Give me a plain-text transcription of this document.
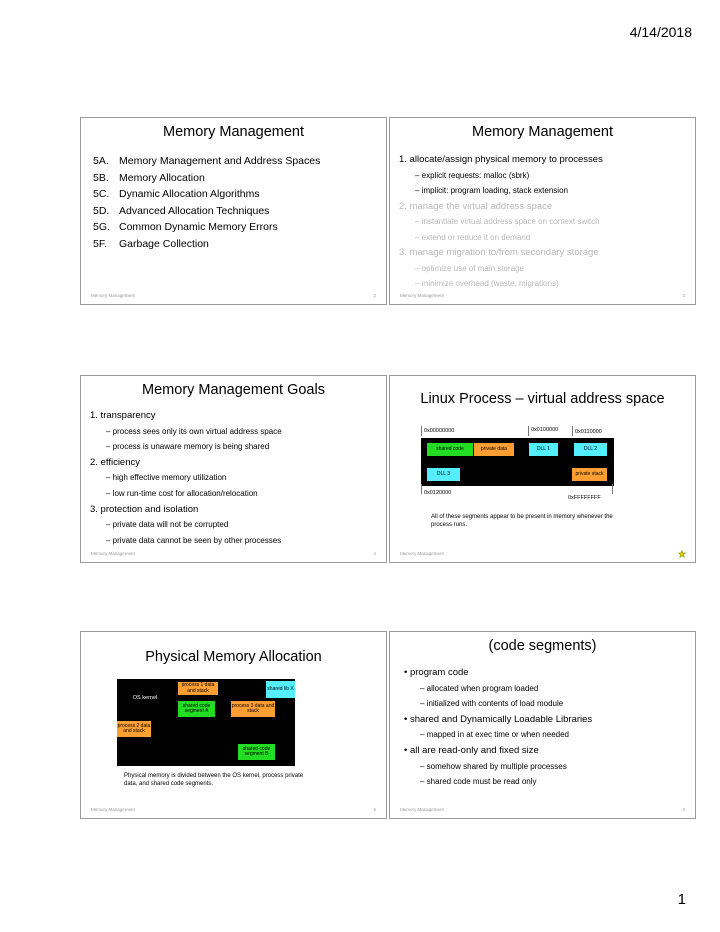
4/14/2018
Memory Management
5A. Memory Management and Address Spaces
5B. Memory Allocation
5C. Dynamic Allocation Algorithms
5D. Advanced Allocation Techniques
5G. Common Dynamic Memory Errors
5F. Garbage Collection
Memory Management	2
Memory Management
1. allocate/assign physical memory to processes
– explicit requests: malloc (sbrk)
– implicit: program loading, stack extension
2. manage the virtual address space
– instantiate virtual address space on context switch
– extend or reduce it on demand
3. manage migration to/from secondary storage
– optimize use of main storage
– minimize overhead (waste, migrations)
Memory Management	3
Memory Management Goals
1. transparency
– process sees only its own virtual address space
– process is unaware memory is being shared
2. efficiency
– high effective memory utilization
– low run-time cost for allocation/relocation
3. protection and isolation
– private data will not be corrupted
– private data cannot be seen by other processes
Memory Management	4
Linux Process – virtual address space
0x00000000	0x0100000	0x0110000
shared code	private data	DLL 1	DLL 2
DLL 3	private stack
0x0120000
0xFFFFFFFF
All of these segments appear to be present in memory whenever the process runs.
Memory Management
Physical Memory Allocation
OS kernel
process 1 data and stack	shared lib X
shared code segment A
process 3 data and stack
process 2 data and stack
shared code segment B
Physical memory is divided between the OS kernel, process private data, and shared code segments.
Memory Management	5
(code segments)
• program code
– allocated when program loaded
– initialized with contents of load module
• shared and Dynamically Loadable Libraries
– mapped in at exec time or when needed
• all are read-only and fixed size
– somehow shared by multiple processes
– shared code must be read only
Memory Management	6
1
